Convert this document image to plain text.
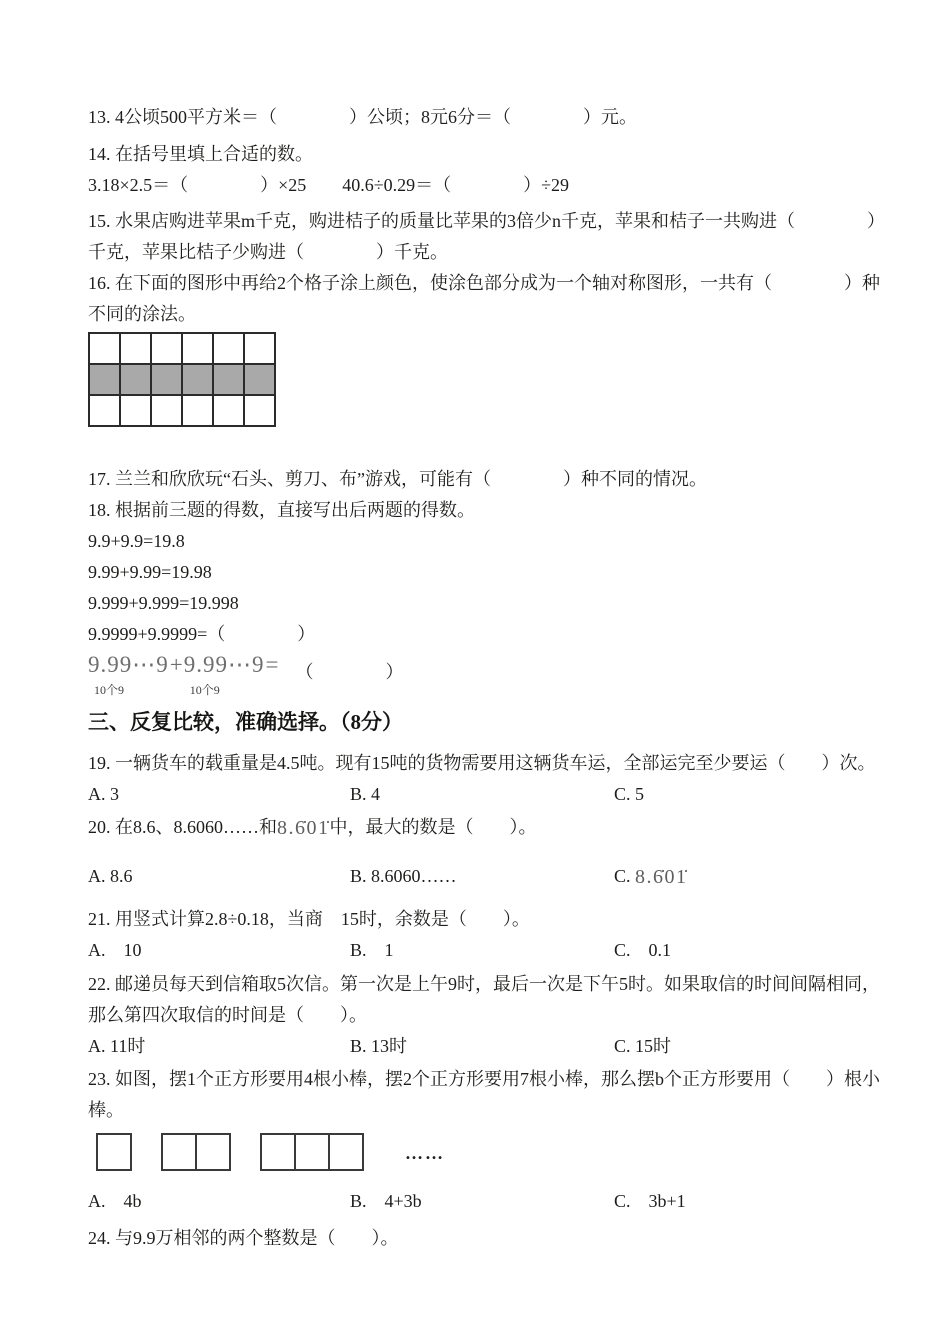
13. 4公顷500平方米＝（　　　　）公顷；8元6分＝（　　　　）元。

14. 在括号里填上合适的数。

3.18×2.5＝（　　　　）×25　　40.6÷0.29＝（　　　　）÷29

15. 水果店购进苹果m千克，购进桔子的质量比苹果的3倍少n千克，苹果和桔子一共购进（　　　　）

千克，苹果比桔子少购进（　　　　）千克。

16. 在下面的图形中再给2个格子涂上颜色，使涂色部分成为一个轴对称图形，一共有（　　　　）种

不同的涂法。

17. 兰兰和欣欣玩“石头、剪刀、布”游戏，可能有（　　　　）种不同的情况。

18. 根据前三题的得数，直接写出后两题的得数。

9.9+9.9=19.8

9.99+9.99=19.98

9.999+9.999=19.998

9.9999+9.9999=（　　　　）

9.99⋯9
10个9
+9.99⋯9
10个9
= $_{( )}$
三、反复比较，准确选择。（8分）

19. 一辆货车的载重量是4.5吨。现有15吨的货物需要用这辆货车运，全部运完至少要运（　　）次。

A. 3	B. 4	C. 5

20. 在8.6、8.6060……和8.6̇01̇中，最大的数是（　　）。

A. 8.6	B. 8.6060……	C. 8.6̇01̇

21. 用竖式计算2.8÷0.18，当商　15时，余数是（　　）。

A.　10	B.　1	C.　0.1

22. 邮递员每天到信箱取5次信。第一次是上午9时，最后一次是下午5时。如果取信的时间间隔相同，

那么第四次取信的时间是（　　）。

A. 11时	B. 13时	C. 15时

23. 如图，摆1个正方形要用4根小棒，摆2个正方形要用7根小棒，那么摆b个正方形要用（　　）根小

棒。

……
A.　4b	B.　4+3b	C.　3b+1

24. 与9.9万相邻的两个整数是（　　）。
